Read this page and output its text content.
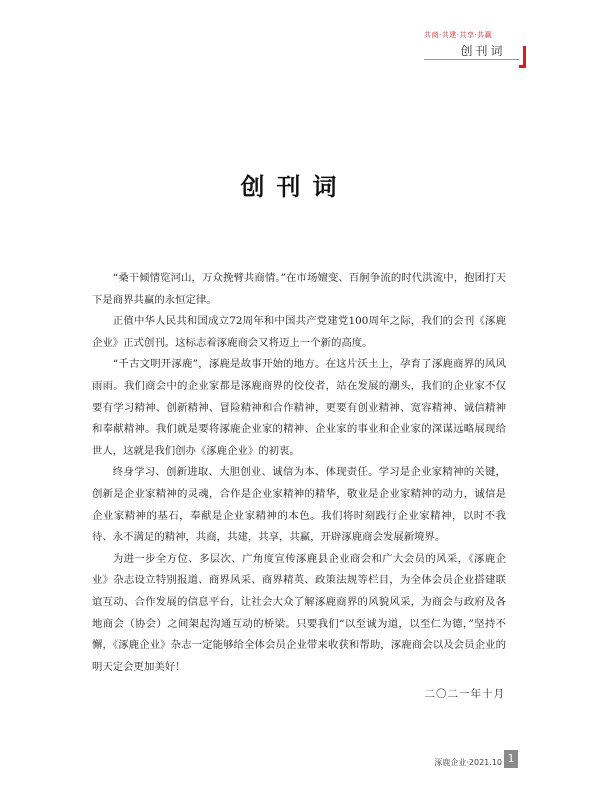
共商·共建·共享·共赢
创刊词
创刊词

“桑干倾情览河山，万众挽臂共商情。”在市场嬗变、百舸争流的时代洪流中，抱团打天下是商界共赢的永恒定律。

正值中华人民共和国成立72周年和中国共产党建党100周年之际，我们的会刊《涿鹿企业》正式创刊。这标志着涿鹿商会又将迈上一个新的高度。

“千古文明开涿鹿”，涿鹿是故事开始的地方。在这片沃土上，孕育了涿鹿商界的风风雨雨。我们商会中的企业家都是涿鹿商界的佼佼者，站在发展的潮头，我们的企业家不仅要有学习精神、创新精神、冒险精神和合作精神，更要有创业精神、宽容精神、诚信精神和奉献精神。我们就是要将涿鹿企业家的精神、企业家的事业和企业家的深谋远略展现给世人，这就是我们创办《涿鹿企业》的初衷。

终身学习、创新进取、大胆创业、诚信为本、体现责任。学习是企业家精神的关键，创新是企业家精神的灵魂，合作是企业家精神的精华，敬业是企业家精神的动力，诚信是企业家精神的基石，奉献是企业家精神的本色。我们将时刻践行企业家精神，以时不我待、永不满足的精神，共商，共建，共享，共赢，开辟涿鹿商会发展新境界。

为进一步全方位、多层次、广角度宣传涿鹿县企业商会和广大会员的风采，《涿鹿企业》杂志设立特别报道、商界风采、商界精英、政策法规等栏目，为全体会员企业搭建联谊互动、合作发展的信息平台，让社会大众了解涿鹿商界的风貌风采，为商会与政府及各地商会（协会）之间架起沟通互动的桥梁。只要我们“以至诚为道，以至仁为德，”坚持不懈，《涿鹿企业》杂志一定能够给全体会员企业带来收获和帮助，涿鹿商会以及会员企业的明天定会更加美好！

二〇二一年十月
涿鹿企业·2021.10 1
